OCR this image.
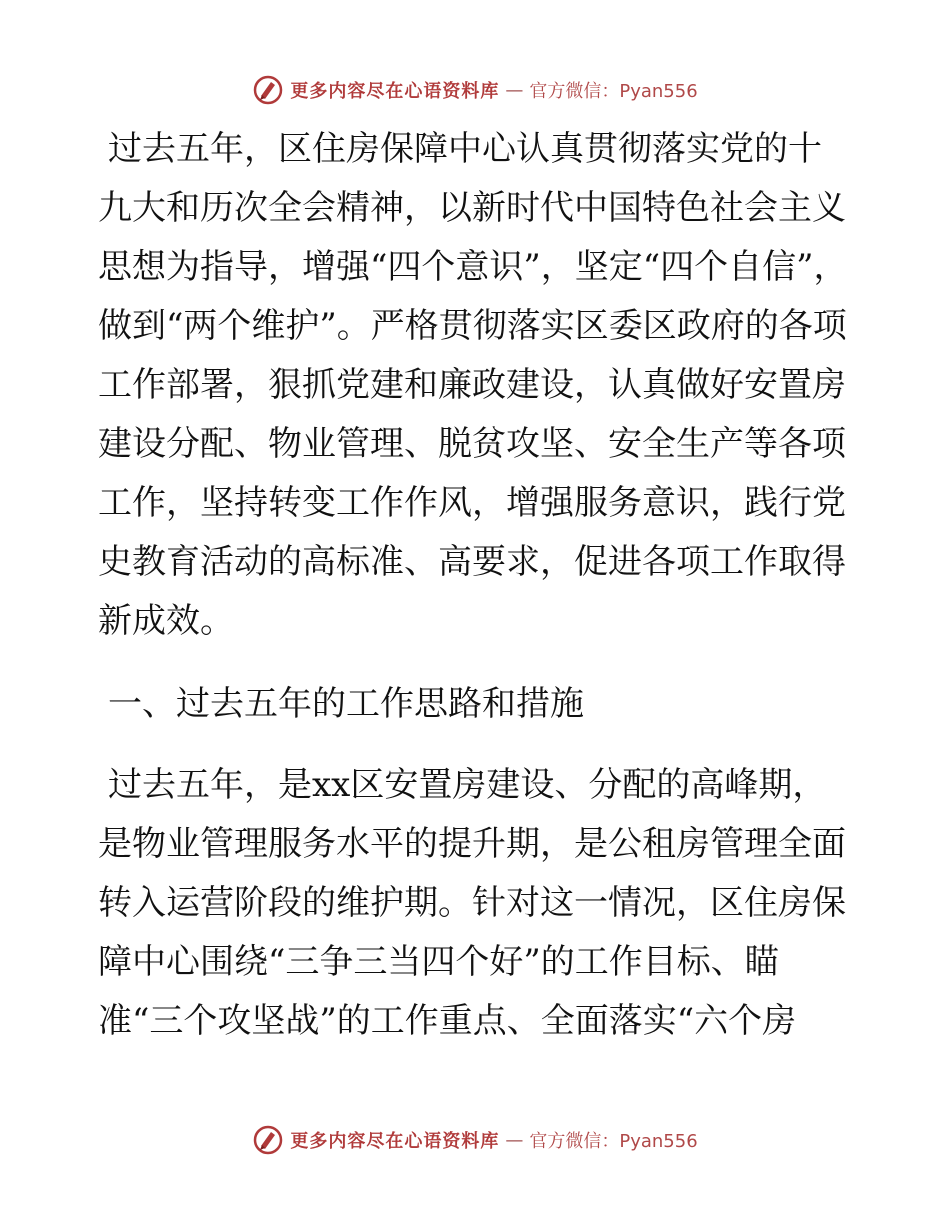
更多内容尽在心语资料库 — 官方微信：Pyan556

过去五年，区住房保障中心认真贯彻落实党的十九大和历次全会精神，以新时代中国特色社会主义思想为指导，增强“四个意识”，坚定“四个自信”，做到“两个维护”。严格贯彻落实区委区政府的各项工作部署，狠抓党建和廉政建设，认真做好安置房建设分配、物业管理、脱贫攻坚、安全生产等各项工作，坚持转变工作作风，增强服务意识，践行党史教育活动的高标准、高要求，促进各项工作取得新成效。

一、过去五年的工作思路和措施

过去五年，是xx区安置房建设、分配的高峰期，是物业管理服务水平的提升期，是公租房管理全面转入运营阶段的维护期。针对这一情况，区住房保障中心围绕“三争三当四个好”的工作目标、瞄准“三个攻坚战”的工作重点、全面落实“六个房

更多内容尽在心语资料库 — 官方微信：Pyan556
